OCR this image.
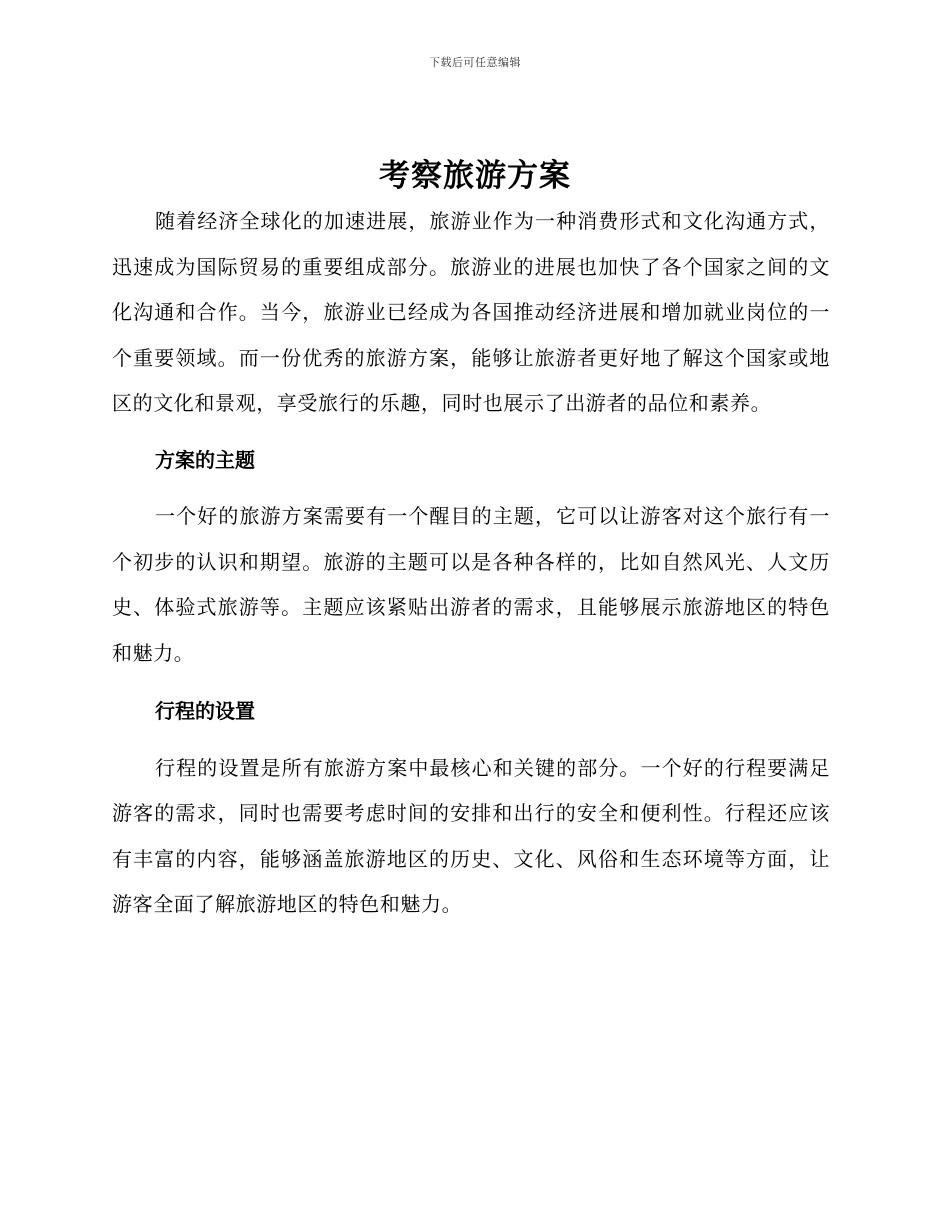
下载后可任意编辑
考察旅游方案

随着经济全球化的加速进展，旅游业作为一种消费形式和文化沟通方式，迅速成为国际贸易的重要组成部分。旅游业的进展也加快了各个国家之间的文化沟通和合作。当今，旅游业已经成为各国推动经济进展和增加就业岗位的一个重要领域。而一份优秀的旅游方案，能够让旅游者更好地了解这个国家或地区的文化和景观，享受旅行的乐趣，同时也展示了出游者的品位和素养。

方案的主题

一个好的旅游方案需要有一个醒目的主题，它可以让游客对这个旅行有一个初步的认识和期望。旅游的主题可以是各种各样的，比如自然风光、人文历史、体验式旅游等。主题应该紧贴出游者的需求，且能够展示旅游地区的特色和魅力。

行程的设置

行程的设置是所有旅游方案中最核心和关键的部分。一个好的行程要满足游客的需求，同时也需要考虑时间的安排和出行的安全和便利性。行程还应该有丰富的内容，能够涵盖旅游地区的历史、文化、风俗和生态环境等方面，让游客全面了解旅游地区的特色和魅力。
